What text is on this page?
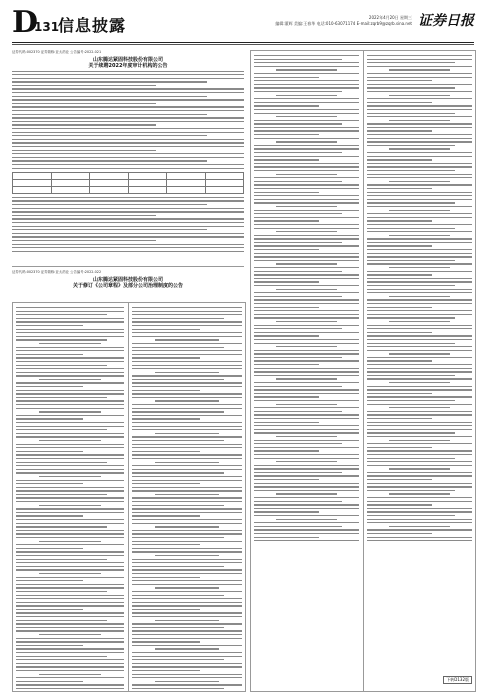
D
131
信息披露	2022年4月20日 星期三
编辑:董辉 美编:王春华 电话:010-63071174 E-mail:zqrb9@zqrb.sina.net 证券日报
证券代码:002370 证券简称:亚太药业 公告编号:2022-021
山东腾达紧固科技股份有限公司
关于续聘2022年度审计机构的公告

证券代码:002370 证券简称:亚太药业 公告编号:2022-022
山东腾达紧固科技股份有限公司
关于修订《公司章程》及部分公司治理制度的公告
下转D132版
